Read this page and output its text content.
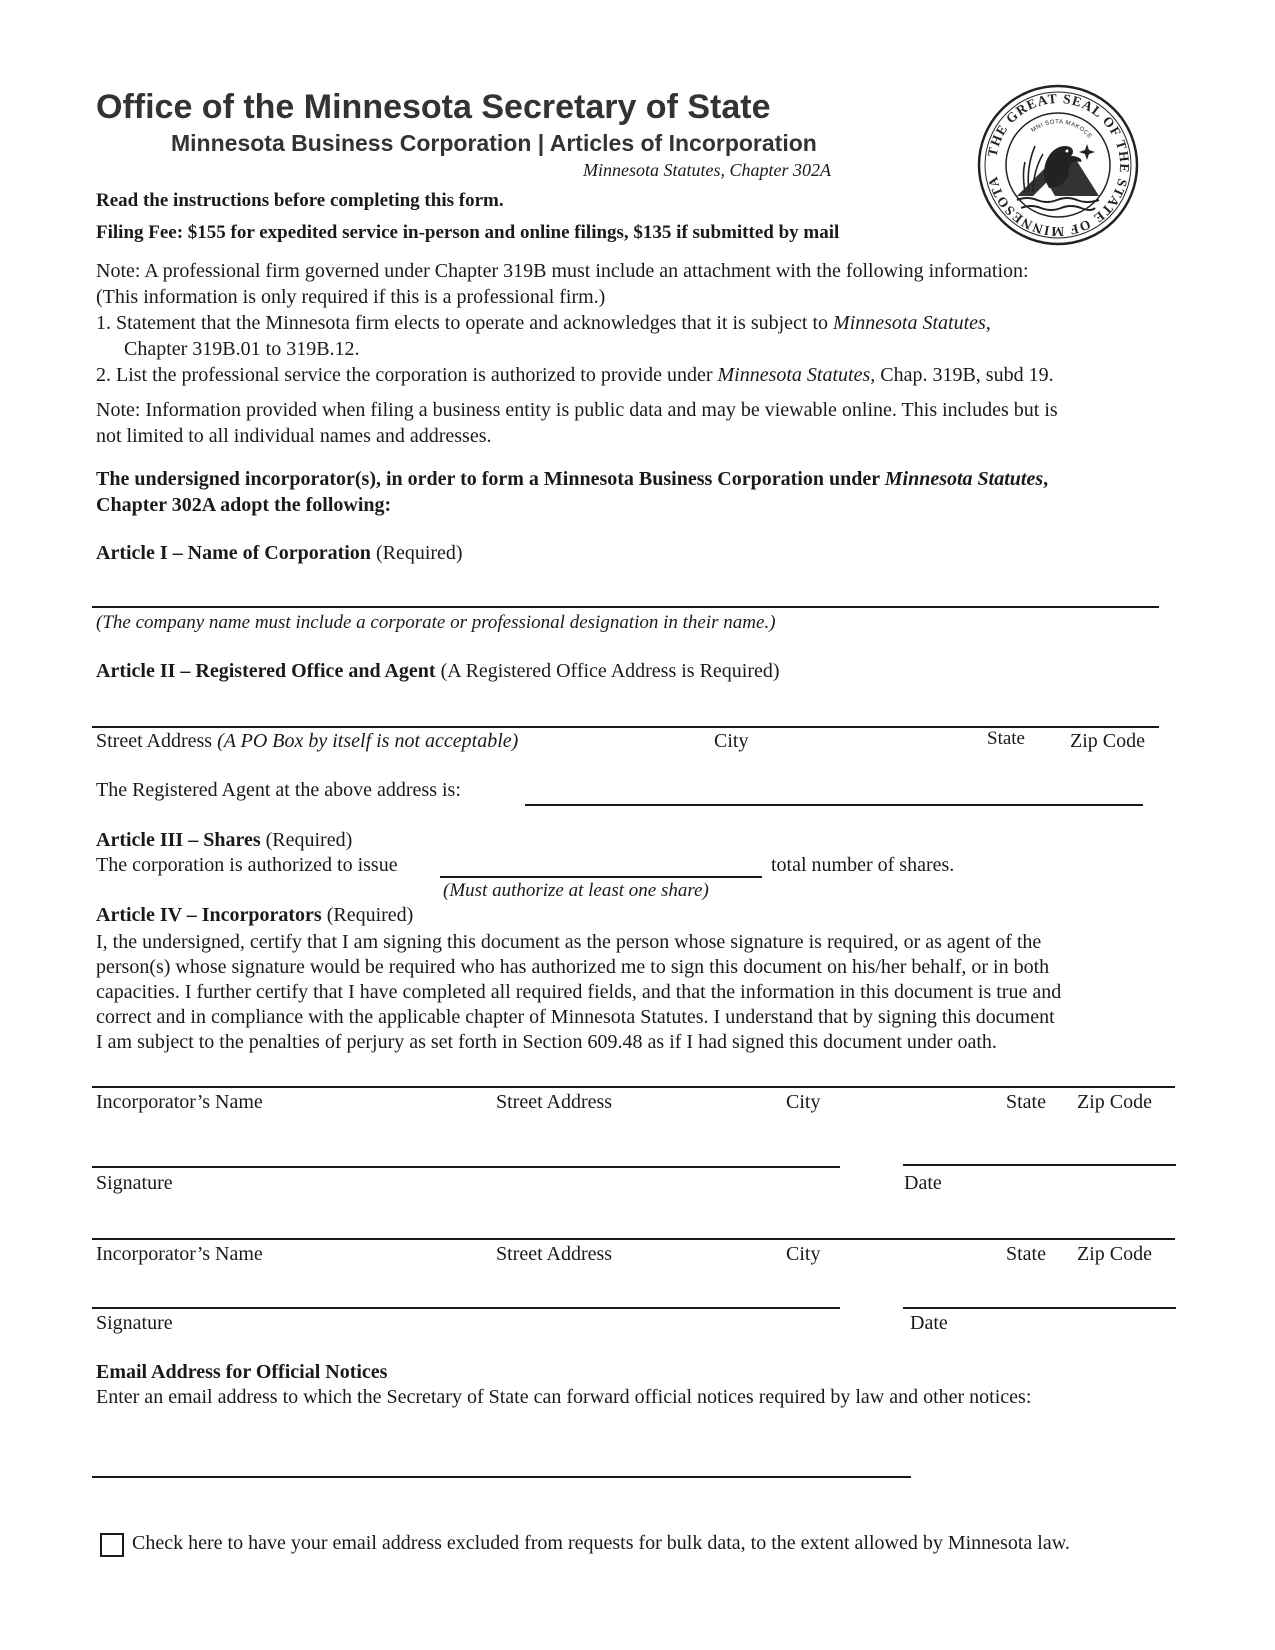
Office of the Minnesota Secretary of State
Minnesota Business Corporation | Articles of Incorporation
Minnesota Statutes, Chapter 302A
THE GREAT SEAL OF THE STATE OF MINNESOTA
MNI SOTA MAKOCE
Read the instructions before completing this form.
Filing Fee: $155 for expedited service in-person and online filings, $135 if submitted by mail
Note: A professional firm governed under Chapter 319B must include an attachment with the following information:
(This information is only required if this is a professional firm.)
1. Statement that the Minnesota firm elects to operate and acknowledges that it is subject to Minnesota Statutes,
Chapter 319B.01 to 319B.12.
2. List the professional service the corporation is authorized to provide under Minnesota Statutes, Chap. 319B, subd 19.
Note: Information provided when filing a business entity is public data and may be viewable online. This includes but is
not limited to all individual names and addresses.
The undersigned incorporator(s), in order to form a Minnesota Business Corporation under Minnesota Statutes,
Chapter 302A adopt the following:
Article I – Name of Corporation (Required)
(The company name must include a corporate or professional designation in their name.)
Article II – Registered Office and Agent (A Registered Office Address is Required)
Street Address (A PO Box by itself is not acceptable)	City	State Zip Code
The Registered Agent at the above address is:
Article III – Shares (Required)
The corporation is authorized to issue	total number of shares.
(Must authorize at least one share)
Article IV – Incorporators (Required)
I, the undersigned, certify that I am signing this document as the person whose signature is required, or as agent of the
person(s) whose signature would be required who has authorized me to sign this document on his/her behalf, or in both
capacities. I further certify that I have completed all required fields, and that the information in this document is true and
correct and in compliance with the applicable chapter of Minnesota Statutes. I understand that by signing this document
I am subject to the penalties of perjury as set forth in Section 609.48 as if I had signed this document under oath.
Incorporator’s Name	Street Address	City	State Zip Code
Signature	Date
Incorporator’s Name	Street Address	City	State Zip Code
Signature	Date
Email Address for Official Notices
Enter an email address to which the Secretary of State can forward official notices required by law and other notices:
Check here to have your email address excluded from requests for bulk data, to the extent allowed by Minnesota law.
